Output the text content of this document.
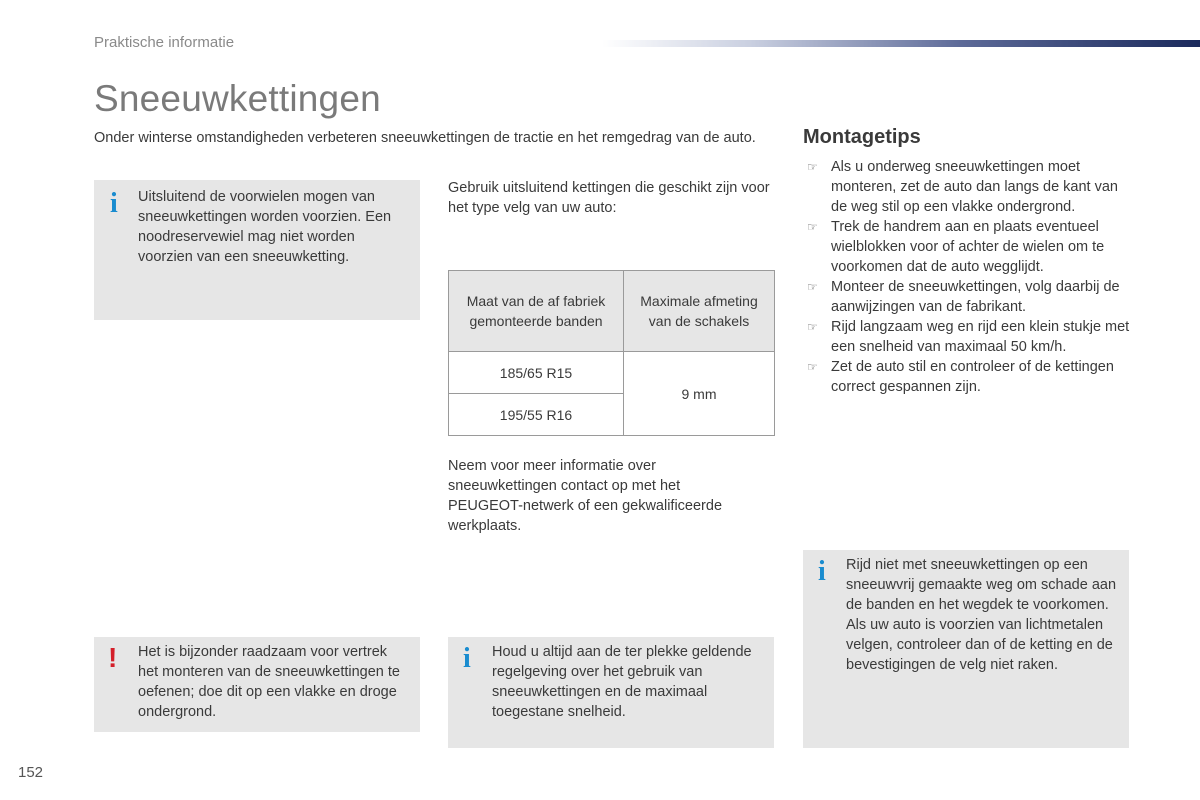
Praktische informatie
Sneeuwkettingen
Onder winterse omstandigheden verbeteren sneeuwkettingen de tractie en het remgedrag van de auto.
i Uitsluitend de voorwielen mogen van sneeuwkettingen worden voorzien. Een noodreservewiel mag niet worden voorzien van een sneeuwketting.
Gebruik uitsluitend kettingen die geschikt zijn voor het type velg van uw auto:
Maat van de af fabriek gemonteerde banden	Maximale afmeting van de schakels
185/65 R15	9 mm
195/55 R16	
Neem voor meer informatie over sneeuwkettingen contact op met het PEUGEOT-netwerk of een gekwalificeerde werkplaats.
Montagetips
☞ Als u onderweg sneeuwkettingen moet monteren, zet de auto dan langs de kant van de weg stil op een vlakke ondergrond.
☞ Trek de handrem aan en plaats eventueel wielblokken voor of achter de wielen om te voorkomen dat de auto wegglijdt.
☞ Monteer de sneeuwkettingen, volg daarbij de aanwijzingen van de fabrikant.
☞ Rijd langzaam weg en rijd een klein stukje met een snelheid van maximaal 50 km/h.
☞ Zet de auto stil en controleer of de kettingen correct gespannen zijn.
i Rijd niet met sneeuwkettingen op een sneeuwvrij gemaakte weg om schade aan de banden en het wegdek te voorkomen. Als uw auto is voorzien van lichtmetalen velgen, controleer dan of de ketting en de bevestigingen de velg niet raken.
! Het is bijzonder raadzaam voor vertrek het monteren van de sneeuwkettingen te oefenen; doe dit op een vlakke en droge ondergrond.
i Houd u altijd aan de ter plekke geldende regelgeving over het gebruik van sneeuwkettingen en de maximaal toegestane snelheid.
152
